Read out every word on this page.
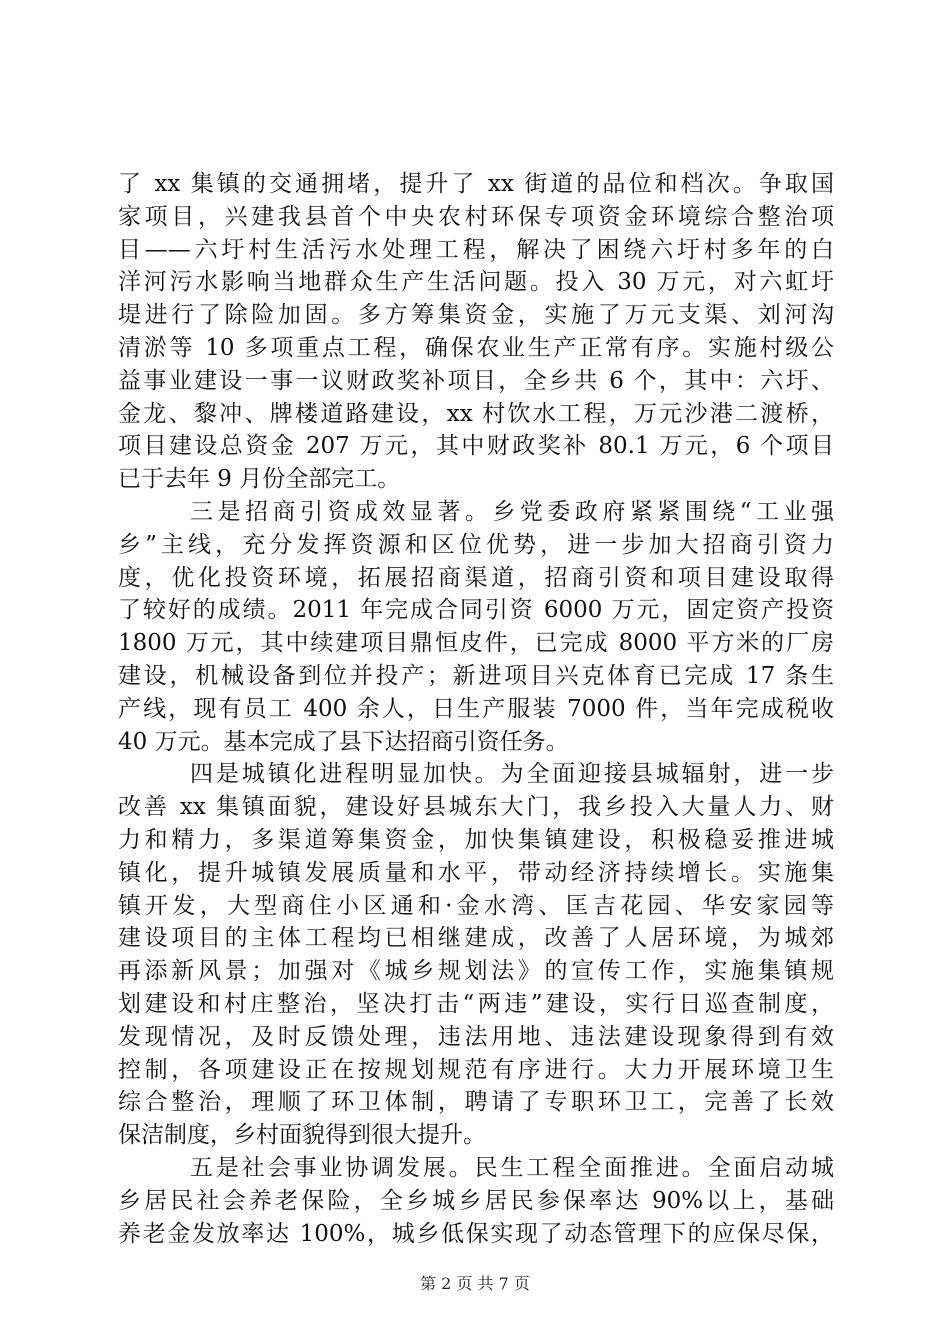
了 xx 集镇的交通拥堵，提升了 xx 街道的品位和档次。争取国
家项目，兴建我县首个中央农村环保专项资金环境综合整治项
目——六圩村生活污水处理工程，解决了困绕六圩村多年的白
洋河污水影响当地群众生产生活问题。投入 30 万元，对六虹圩
堤进行了除险加固。多方筹集资金，实施了万元支渠、刘河沟
清淤等 10 多项重点工程，确保农业生产正常有序。实施村级公
益事业建设一事一议财政奖补项目，全乡共 6 个，其中：六圩、
金龙、黎冲、牌楼道路建设，xx 村饮水工程，万元沙港二渡桥，
项目建设总资金 207 万元，其中财政奖补 80.1 万元，6 个项目
已于去年 9 月份全部完工。
三是招商引资成效显著。乡党委政府紧紧围绕“工业强
乡”主线，充分发挥资源和区位优势，进一步加大招商引资力
度，优化投资环境，拓展招商渠道，招商引资和项目建设取得
了较好的成绩。2011 年完成合同引资 6000 万元，固定资产投资
1800 万元，其中续建项目鼎恒皮件，已完成 8000 平方米的厂房
建设，机械设备到位并投产；新进项目兴克体育已完成 17 条生
产线，现有员工 400 余人，日生产服装 7000 件，当年完成税收
40 万元。基本完成了县下达招商引资任务。
四是城镇化进程明显加快。为全面迎接县城辐射，进一步
改善 xx 集镇面貌，建设好县城东大门，我乡投入大量人力、财
力和精力，多渠道筹集资金，加快集镇建设，积极稳妥推进城
镇化，提升城镇发展质量和水平，带动经济持续增长。实施集
镇开发，大型商住小区通和·金水湾、匡吉花园、华安家园等
建设项目的主体工程均已相继建成，改善了人居环境，为城郊
再添新风景；加强对《城乡规划法》的宣传工作，实施集镇规
划建设和村庄整治，坚决打击“两违”建设，实行日巡查制度，
发现情况，及时反馈处理，违法用地、违法建设现象得到有效
控制，各项建设正在按规划规范有序进行。大力开展环境卫生
综合整治，理顺了环卫体制，聘请了专职环卫工，完善了长效
保洁制度，乡村面貌得到很大提升。
五是社会事业协调发展。民生工程全面推进。全面启动城
乡居民社会养老保险，全乡城乡居民参保率达 90%以上，基础
养老金发放率达 100%，城乡低保实现了动态管理下的应保尽保，
第 2 页 共 7 页
